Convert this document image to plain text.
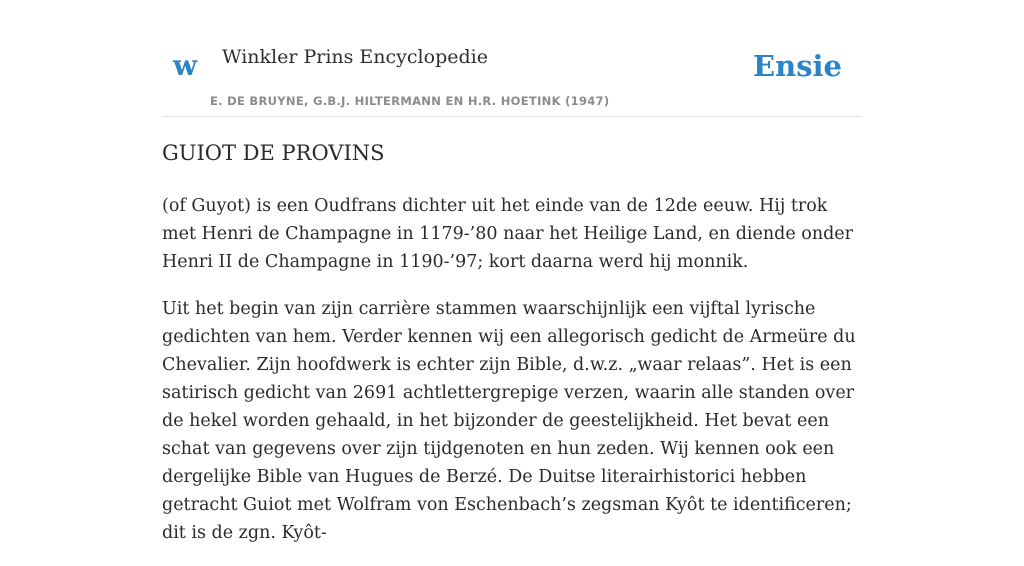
w Winkler Prins Encyclopedie
E. DE BRUYNE, G.B.J. HILTERMANN EN H.R. HOETINK (1947)
Ensie
GUIOT DE PROVINS

(of Guyot) is een Oudfrans dichter uit het einde van de 12de eeuw. Hij trok met Henri de Champagne in 1179-’80 naar het Heilige Land, en diende onder Henri II de Champagne in 1190-’97; kort daarna werd hij monnik.

Uit het begin van zijn carrière stammen waarschijnlijk een vijftal lyrische gedichten van hem. Verder kennen wij een allegorisch gedicht de Armeüre du Chevalier. Zijn hoofdwerk is echter zijn Bible, d.w.z. „waar relaas”. Het is een satirisch gedicht van 2691 achtlettergrepige verzen, waarin alle standen over de hekel worden gehaald, in het bijzonder de geestelijkheid. Het bevat een schat van gegevens over zijn tijdgenoten en hun zeden. Wij kennen ook een dergelijke Bible van Hugues de Berzé. De Duitse literairhistorici hebben getracht Guiot met Wolfram von Eschenbach’s zegsman Kyôt te identificeren; dit is de zgn. Kyôt-
